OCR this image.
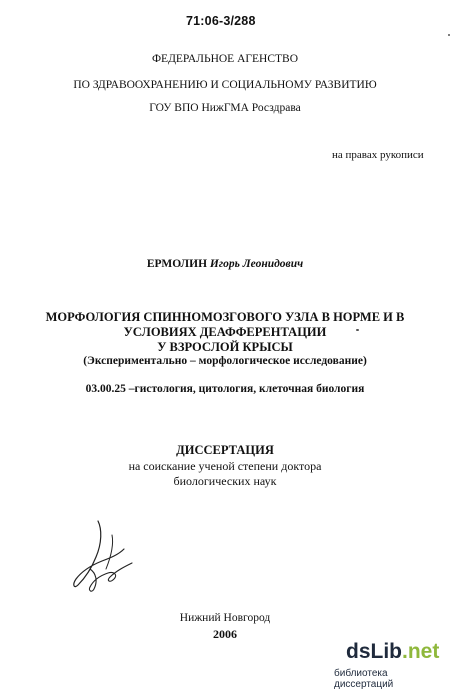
71:06-3/288
ФЕДЕРАЛЬНОЕ АГЕНСТВО
ПО ЗДРАВООХРАНЕНИЮ И СОЦИАЛЬНОМУ РАЗВИТИЮ
ГОУ ВПО НижГМА Росздрава
на правах рукописи
ЕРМОЛИН Игорь Леонидович
МОРФОЛОГИЯ СПИННОМОЗГОВОГО УЗЛА В НОРМЕ И В
УСЛОВИЯХ ДЕАФФЕРЕНТАЦИИ
У ВЗРОСЛОЙ КРЫСЫ
(Экспериментально – морфологическое исследование)
03.00.25 –гистология, цитология, клеточная биология
ДИССЕРТАЦИЯ
на соискание ученой степени доктора
биологических наук
Нижний Новгород
2006
dsLib.net
библиотека диссертаций
